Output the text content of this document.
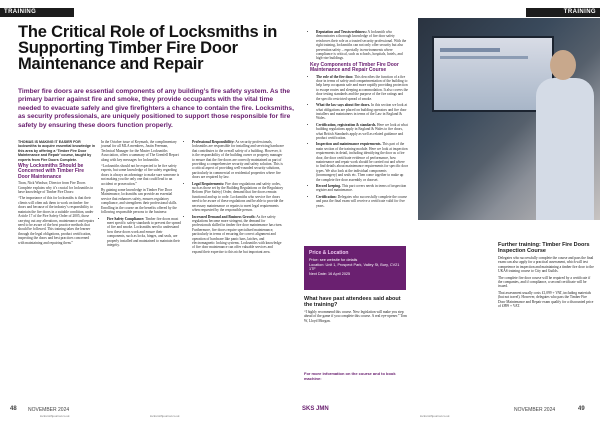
TRAINING
The Critical Role of Locksmiths in Supporting Timber Fire Door Maintenance and Repair
Timber fire doors are essential components of any building’s fire safety system. As the primary barrier against fire and smoke, they provide occupants with the vital time needed to evacuate safely and give firefighters a chance to contain the fire. Locksmiths, as security professionals, are uniquely positioned to support those responsible for fire safety by ensuring these doors function properly.

THOMAS IS MAKING IT EASIER FOR locksmiths to acquire essential knowledge in this area by offering a ‘Timber Fire Door Maintenance and Repair’ course, taught by experts from Fire Doors Complete.

Why Locksmiths Should be Concerned with Timber Fire Door Maintenance

Tiran, Nick Windsor, Director from Fire Doors Complete explains why it’s crucial for locksmiths to have knowledge of Timber Fire Doors:

“The importance of this for locksmiths is that their clients will often ask them to work on timber fire doors and because of the industry’s responsibility to maintain the fire doors in a suitable condition, under Article 17 of the Fire Safety Order of 2005, those carrying out any alterations, maintenance and repairs need to be aware of the best practice methods that should be followed. This training takes the learner through the legal obligations, product certification, inspecting the doors and best practices concerned with maintaining and repairing them.”

In the October issue of Keymark, the complimentary journal for all MLA members, Justin Freeman, Technical Manager for the Master Locksmiths Association, offers a summary of The Grenfell Report along with key messages for locksmiths.

“Locksmiths should not be expected to be fire safety experts, but some knowledge of fire safety regarding doors is always an advantage to make sure someone is not making you the only one that could lead to an accident or prosecution.”

By gaining some knowledge in Timber Fire Door Maintenance, locksmiths can provide an essential service that enhances safety, ensures regulatory compliance, and strengthens their professional skills. Enrolling in the course on the benefits offered by the following responsible persons to the business:

• Fire Safety Compliance: Timber fire doors must meet specific safety standards to prevent the spread of fire and smoke. Locksmiths need to understand how these doors work and ensure their components, such as locks, hinges, and seals, are properly installed and maintained to maintain their integrity.
• Professional Responsibility: As security professionals, locksmiths are responsible for installing and servicing hardware that contributes to the overall safety of a building. However, it is the responsibility of the building owner or property manager to ensure that the fire doors are correctly maintained as part of providing a comprehensive security and safety solution. This is a critical aspect of providing well-rounded security solutions, particularly in commercial or residential properties where fire doors are required by law.
• Legal Requirements: Fire door regulations and safety codes, such as those set by the Building Regulations or the Regulatory Reform (Fire Safety) Order, demand that fire doors remain functional and up to code. Locksmiths who service fire doors need to be aware of these regulations and be able to provide the necessary maintenance or repairs to meet legal requirements when requested by the responsible person.
• Increased Demand and Business Growth: As fire safety regulations become more stringent, the demand for professionals skilled in timber fire door maintenance has risen. Furthermore, fire doors require specialised maintenance, particularly in terms of ensuring the correct alignment and operation of hardware like panic bars, latches, and electromagnetic locking systems. Locksmiths with knowledge of fire door maintenance can offer valuable services and expand their expertise to this niche but important area.
48 NOVEMBER 2024
locksmithjournal.co.uk	locksmithjournal.co.uk
TRAINING
• Reputation and Trustworthiness: A locksmith who demonstrates a thorough knowledge of fire door safety reinforces their role as a trusted security professional. With the right training, locksmiths can not only offer security but also prevention safety – especially in environments where compliance is critical, such as schools, hospitals, hotels, and high-rise buildings.
Key Components of Timber Fire Door Maintenance and Repair Course
• The role of the fire door. This describes the function of a fire door in terms of safety and compartmentation of the building to help keep occupants safe and more rapidly providing protection to escape routes and sleeping accommodation. It also covers the door testing standards and the purpose of the fire ratings and the specific restricted spread of smoke.
• What the law says about fire doors. In this section we look at what obligations are placed on building operators and fire door installers and maintainers in terms of the Law in England & Wales.
• Certification, registration & standards. Here we look at what building regulations apply in England & Wales to fire doors, what British Standards apply as well as related guidance and product certification.
• Inspection and maintenance requirements. This part of the main section of the training module. Here we look at inspection requirements in detail, including identifying the door as a fire door, the door certificate evidence of performance, how maintenance and repair work should be carried out and where to find details about maintenance requirements for specific door types. We also look at the individual components (ironmongery) and seals etc. Then come together to make up the complete fire door assembly or doorset.
• Record keeping. This part covers needs in terms of inspection register and maintenance.
• Certification: Delegates who successfully complete the course and pass the final exam will receive a certificate valid for five years.
Price & Location
Price: see website for details
Location: Unit 1, Prospect Park, Valley St, Bury, CV21 1TF
Next Date: 16 April 2025
What have past attendees said about the training?

“I highly recommend this course. New legislation will make you step ahead of the game if you complete this course. A real eye-opener.” Tom W, Lloyd Morgan.

For more information on the course and to book machine:
Further training: Timber Fire Doors Inspection Course

Delegates who successfully complete the course and pass the final exam can also apply for a practical assessment, which will test competence in inspection and maintaining a timber fire door to the UKAS training course to City and Guilds.

The complete fire door course will be required by a certificate if the companies, and if compliance, a second certificate will be issued.

That assessment usually costs £1,099 + VAT, including materials (but not travel). However, delegates who pass the Timber Fire Door Maintenance and Repair exam qualify for a discounted price of £899 + VAT.

SKS JMN	NOVEMBER 2024	49
locksmithjournal.co.uk
